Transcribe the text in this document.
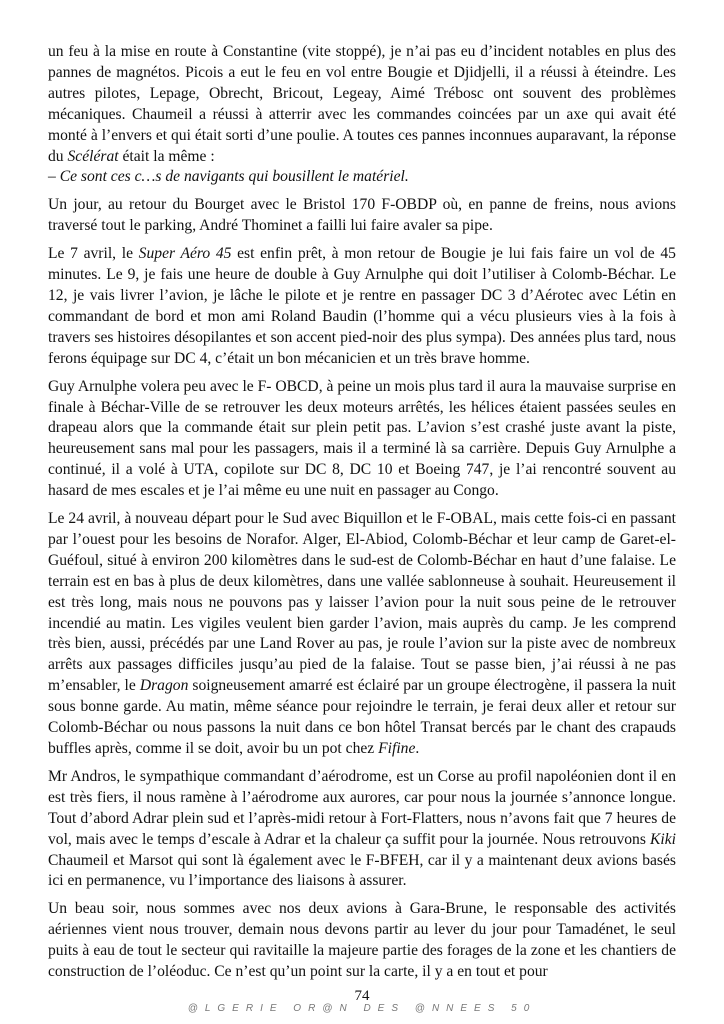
un feu à la mise en route à Constantine (vite stoppé), je n’ai pas eu d’incident notables en plus des pannes de magnétos. Picois a eut le feu en vol entre Bougie et Djidjelli, il a réussi à éteindre. Les autres pilotes, Lepage, Obrecht, Bricout, Legeay, Aimé Trébosc ont souvent des problèmes mécaniques. Chaumeil a réussi à atterrir avec les commandes coincées par un axe qui avait été monté à l’envers et qui était sorti d’une poulie. A toutes ces pannes inconnues auparavant, la réponse du Scélérat était la même :

– Ce sont ces c…s de navigants qui bousillent le matériel.

Un jour, au retour du Bourget avec le Bristol 170 F-OBDP où, en panne de freins, nous avions traversé tout le parking, André Thominet a failli lui faire avaler sa pipe.

Le 7 avril, le Super Aéro 45 est enfin prêt, à mon retour de Bougie je lui fais faire un vol de 45 minutes. Le 9, je fais une heure de double à Guy Arnulphe qui doit l’utiliser à Colomb-Béchar. Le 12, je vais livrer l’avion, je lâche le pilote et je rentre en passager DC 3 d’Aérotec avec Létin en commandant de bord et mon ami Roland Baudin (l’homme qui a vécu plusieurs vies à la fois à travers ses histoires désopilantes et son accent pied-noir des plus sympa). Des années plus tard, nous ferons équipage sur DC 4, c’était un bon mécanicien et un très brave homme.

Guy Arnulphe volera peu avec le F- OBCD, à peine un mois plus tard il aura la mauvaise surprise en finale à Béchar-Ville de se retrouver les deux moteurs arrêtés, les hélices étaient passées seules en drapeau alors que la commande était sur plein petit pas. L’avion s’est crashé juste avant la piste, heureusement sans mal pour les passagers, mais il a terminé là sa carrière. Depuis Guy Arnulphe a continué, il a volé à UTA, copilote sur DC 8, DC 10 et Boeing 747, je l’ai rencontré souvent au hasard de mes escales et je l’ai même eu une nuit en passager au Congo.

Le 24 avril, à nouveau départ pour le Sud avec Biquillon et le F-OBAL, mais cette fois-ci en passant par l’ouest pour les besoins de Norafor. Alger, El-Abiod, Colomb-Béchar et leur camp de Garet-el-Guéfoul, situé à environ 200 kilomètres dans le sud-est de Colomb-Béchar en haut d’une falaise. Le terrain est en bas à plus de deux kilomètres, dans une vallée sablonneuse à souhait. Heureusement il est très long, mais nous ne pouvons pas y laisser l’avion pour la nuit sous peine de le retrouver incendié au matin. Les vigiles veulent bien garder l’avion, mais auprès du camp. Je les comprend très bien, aussi, précédés par une Land Rover au pas, je roule l’avion sur la piste avec de nombreux arrêts aux passages difficiles jusqu’au pied de la falaise. Tout se passe bien, j’ai réussi à ne pas m’ensabler, le Dragon soigneusement amarré est éclairé par un groupe électrogène, il passera la nuit sous bonne garde. Au matin, même séance pour rejoindre le terrain, je ferai deux aller et retour sur Colomb-Béchar ou nous passons la nuit dans ce bon hôtel Transat bercés par le chant des crapauds buffles après, comme il se doit, avoir bu un pot chez Fifine.

Mr Andros, le sympathique commandant d’aérodrome, est un Corse au profil napoléonien dont il en est très fiers, il nous ramène à l’aérodrome aux aurores, car pour nous la journée s’annonce longue. Tout d’abord Adrar plein sud et l’après-midi retour à Fort-Flatters, nous n’avons fait que 7 heures de vol, mais avec le temps d’escale à Adrar et la chaleur ça suffit pour la journée. Nous retrouvons Kiki Chaumeil et Marsot qui sont là également avec le F-BFEH, car il y a maintenant deux avions basés ici en permanence, vu l’importance des liaisons à assurer.

Un beau soir, nous sommes avec nos deux avions à Gara-Brune, le responsable des activités aériennes vient nous trouver, demain nous devons partir au lever du jour pour Tamadénet, le seul puits à eau de tout le secteur qui ravitaille la majeure partie des forages de la zone et les chantiers de construction de l’oléoduc. Ce n’est qu’un point sur la carte, il y a en tout et pour

74
@LGERIE OR@N DES @NNEES 50
